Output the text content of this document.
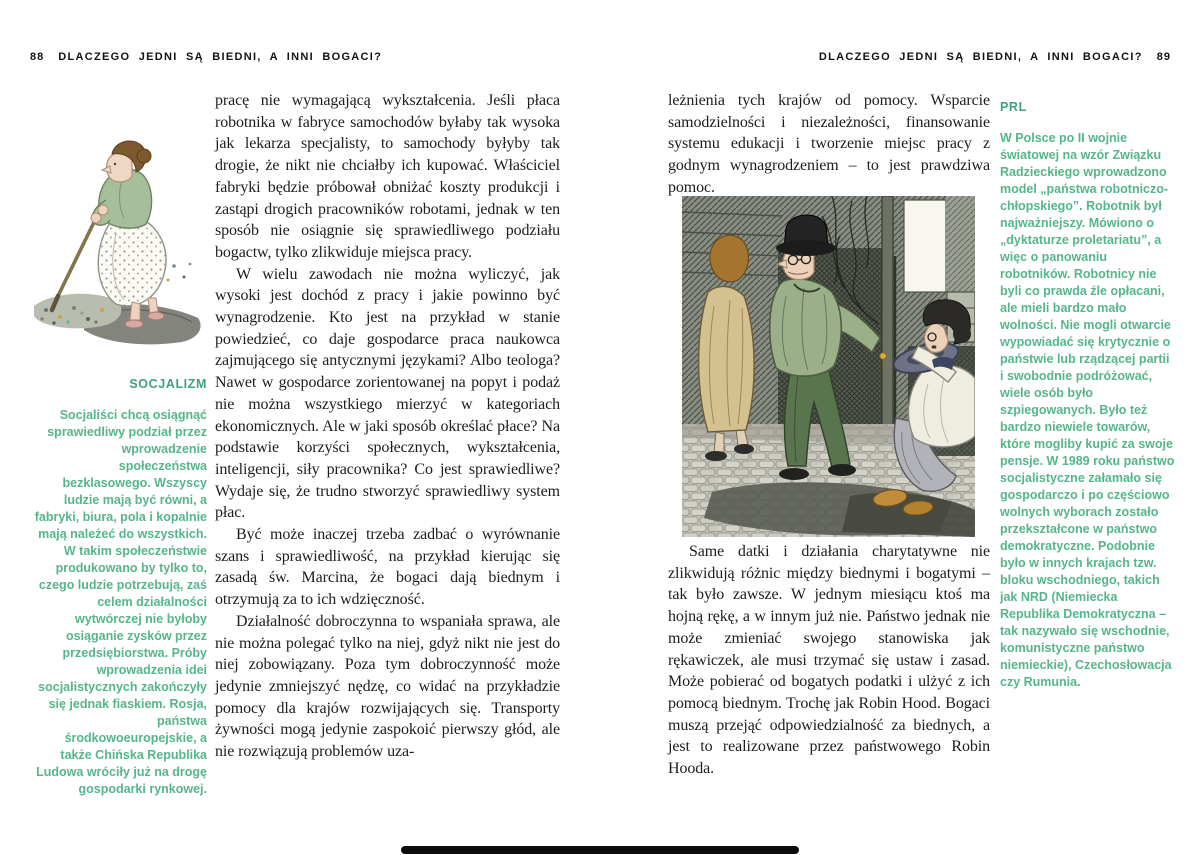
88 DLACZEGO JEDNI SĄ BIEDNI, A INNI BOGACI?	DLACZEGO JEDNI SĄ BIEDNI, A INNI BOGACI? 89

SOCJALIZM

Socjaliści chcą osiągnąć sprawiedliwy podział przez wprowadzenie społeczeństwa bezklasowego. Wszyscy ludzie mają być równi, a fabryki, biura, pola i kopalnie mają należeć do wszystkich. W takim społeczeństwie produkowano by tylko to, czego ludzie potrzebują, zaś celem działalności wytwórczej nie byłoby osiąganie zysków przez przedsiębiorstwa. Próby wprowadzenia idei socjalistycznych zakończyły się jednak fiaskiem. Rosja, państwa środkowoeuropejskie, a także Chińska Republika Ludowa wróciły już na drogę gospodarki rynkowej.

pracę nie wymagającą wykształcenia. Jeśli płaca robotnika w fabryce samochodów byłaby tak wysoka jak lekarza specjalisty, to samochody byłyby tak drogie, że nikt nie chciałby ich kupować. Właściciel fabryki będzie próbował obniżać koszty produkcji i zastąpi drogich pracowników robotami, jednak w ten sposób nie osiągnie się sprawiedliwego podziału bogactw, tylko zlikwiduje miejsca pracy.

W wielu zawodach nie można wyliczyć, jak wysoki jest dochód z pracy i jakie powinno być wynagrodzenie. Kto jest na przykład w stanie powiedzieć, co daje gospodarce praca naukowca zajmującego się antycznymi językami? Albo teologa? Nawet w gospodarce zorientowanej na popyt i podaż nie można wszystkiego mierzyć w kategoriach ekonomicznych. Ale w jaki sposób określać płace? Na podstawie korzyści społecznych, wykształcenia, inteligencji, siły pracownika? Co jest sprawiedliwe? Wydaje się, że trudno stworzyć sprawiedliwy system płac.

Być może inaczej trzeba zadbać o wyrównanie szans i sprawiedliwość, na przykład kierując się zasadą św. Marcina, że bogaci dają biednym i otrzymują za to ich wdzięczność.

Działalność dobroczynna to wspaniała sprawa, ale nie można polegać tylko na niej, gdyż nikt nie jest do niej zobowiązany. Poza tym dobroczynność może jedynie zmniejszyć nędzę, co widać na przykładzie pomocy dla krajów rozwijających się. Transporty żywności mogą jedynie zaspokoić pierwszy głód, ale nie rozwiązują problemów uza-

leżnienia tych krajów od pomocy. Wsparcie samodzielności i niezależności, finansowanie systemu edukacji i tworzenie miejsc pracy z godnym wynagrodzeniem – to jest prawdziwa pomoc.

Same datki i działania charytatywne nie zlikwidują różnic między biednymi i bogatymi – tak było zawsze. W jednym miesiącu ktoś ma hojną rękę, a w innym już nie. Państwo jednak nie może zmieniać swojego stanowiska jak rękawiczek, ale musi trzymać się ustaw i zasad. Może pobierać od bogatych podatki i ulżyć z ich pomocą biednym. Trochę jak Robin Hood. Bogaci muszą przejąć odpowiedzialność za biednych, a jest to realizowane przez państwowego Robin Hooda.

PRL

W Polsce po II wojnie światowej na wzór Związku Radzieckiego wprowadzono model „państwa robotniczo-chłopskiego”. Robotnik był najważniejszy. Mówiono o „dyktaturze proletariatu”, a więc o panowaniu robotników. Robotnicy nie byli co prawda źle opłacani, ale mieli bardzo mało wolności. Nie mogli otwarcie wypowiadać się krytycznie o państwie lub rządzącej partii i swobodnie podróżować, wiele osób było szpiegowanych. Było też bardzo niewiele towarów, które mogliby kupić za swoje pensje. W 1989 roku państwo socjalistyczne załamało się gospodarczo i po częściowo wolnych wyborach zostało przekształcone w państwo demokratyczne. Podobnie było w innych krajach tzw. bloku wschodniego, takich jak NRD (Niemiecka Republika Demokratyczna – tak nazywało się wschodnie, komunistyczne państwo niemieckie), Czechosłowacja czy Rumunia.
